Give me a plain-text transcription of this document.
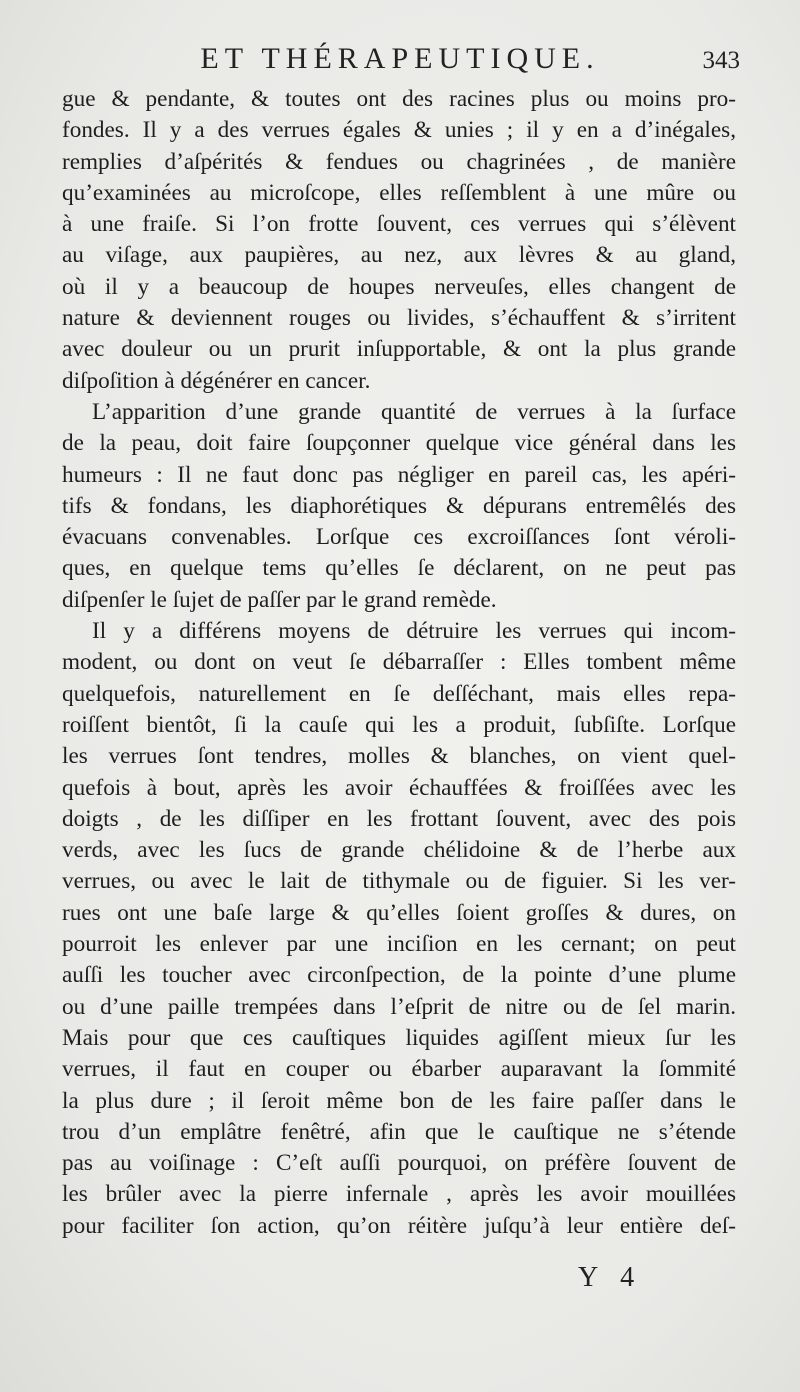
ET THÉRAPEUTIQUE.	343
gue & pendante, & toutes ont des racines plus ou moins pro-
fondes. Il y a des verrues égales & unies ; il y en a d’inégales,
remplies d’aſpérités & fendues ou chagrinées , de manière
qu’examinées au microſcope, elles reſſemblent à une mûre ou
à une fraiſe. Si l’on frotte ſouvent, ces verrues qui s’élèvent
au viſage, aux paupières, au nez, aux lèvres & au gland,
où il y a beaucoup de houpes nerveuſes, elles changent de
nature & deviennent rouges ou livides, s’échauffent & s’irritent
avec douleur ou un prurit inſupportable, & ont la plus grande
diſpoſition à dégénérer en cancer.
L’apparition d’une grande quantité de verrues à la ſurface
de la peau, doit faire ſoupçonner quelque vice général dans les
humeurs : Il ne faut donc pas négliger en pareil cas, les apéri-
tifs & fondans, les diaphorétiques & dépurans entremêlés des
évacuans convenables. Lorſque ces excroiſſances ſont véroli-
ques, en quelque tems qu’elles ſe déclarent, on ne peut pas
diſpenſer le ſujet de paſſer par le grand remède.
Il y a différens moyens de détruire les verrues qui incom-
modent, ou dont on veut ſe débarraſſer : Elles tombent même
quelquefois, naturellement en ſe deſſéchant, mais elles repa-
roiſſent bientôt, ſi la cauſe qui les a produit, ſubſiſte. Lorſque
les verrues ſont tendres, molles & blanches, on vient quel-
quefois à bout, après les avoir échauffées & froiſſées avec les
doigts , de les diſſiper en les frottant ſouvent, avec des pois
verds, avec les ſucs de grande chélidoine & de l’herbe aux
verrues, ou avec le lait de tithymale ou de figuier. Si les ver-
rues ont une baſe large & qu’elles ſoient groſſes & dures, on
pourroit les enlever par une inciſion en les cernant; on peut
auſſi les toucher avec circonſpection, de la pointe d’une plume
ou d’une paille trempées dans l’eſprit de nitre ou de ſel marin.
Mais pour que ces cauſtiques liquides agiſſent mieux ſur les
verrues, il faut en couper ou ébarber auparavant la ſommité
la plus dure ; il ſeroit même bon de les faire paſſer dans le
trou d’un emplâtre fenêtré, afin que le cauſtique ne s’étende
pas au voiſinage : C’eſt auſſi pourquoi, on préfère ſouvent de
les brûler avec la pierre infernale , après les avoir mouillées
pour faciliter ſon action, qu’on réitère juſqu’à leur entière deſ-
Y 4
